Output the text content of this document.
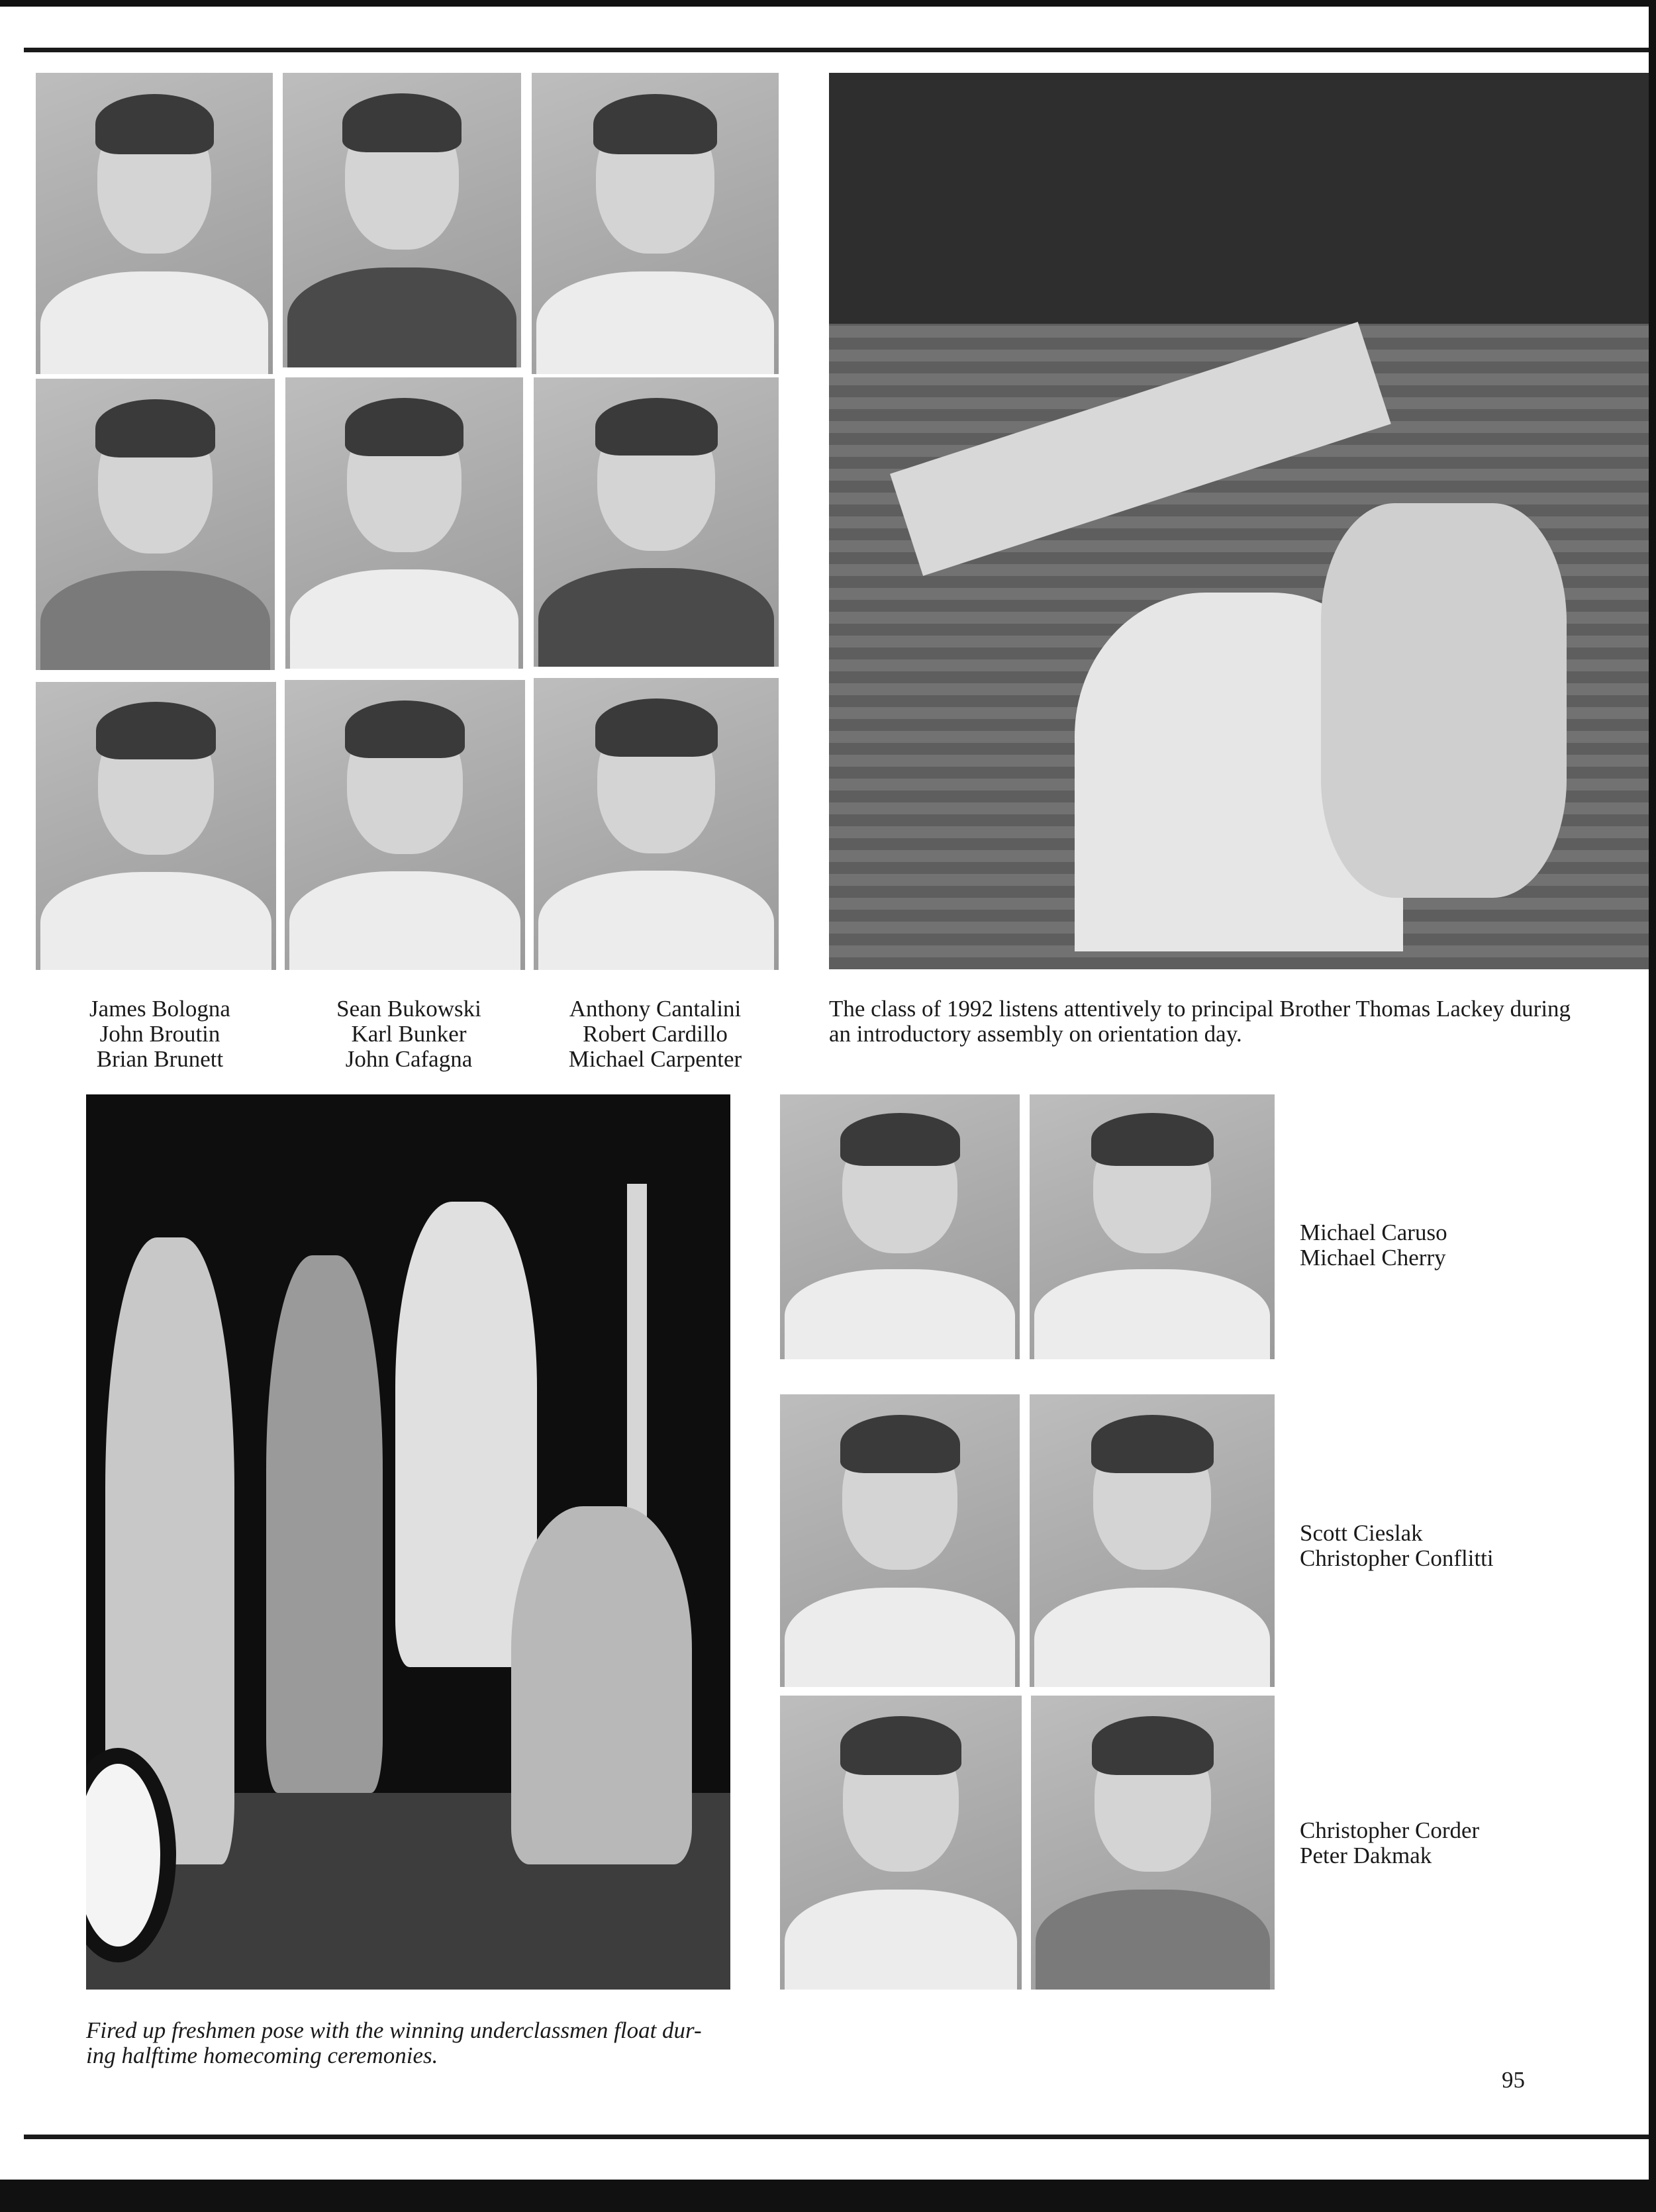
James Bologna
John Broutin
Brian Brunett
Sean Bukowski
Karl Bunker
John Cafagna
Anthony Cantalini
Robert Cardillo
Michael Carpenter
The class of 1992 listens attentively to principal Brother Thomas Lackey during
an introductory assembly on orientation day.
Fired up freshmen pose with the winning underclassmen float dur-
ing halftime homecoming ceremonies.
Michael Caruso
Michael Cherry
Scott Cieslak
Christopher Conflitti
Christopher Corder
Peter Dakmak
95
